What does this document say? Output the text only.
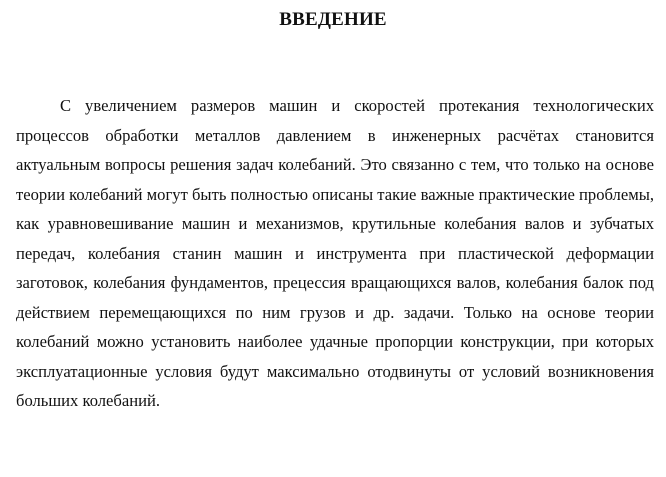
ВВЕДЕНИЕ

С увеличением размеров машин и скоростей протекания технологических процессов обработки металлов давлением в инженерных расчётах становится актуальным вопросы решения задач колебаний. Это связанно с тем, что только на основе теории колебаний могут быть полностью описаны такие важные практические проблемы, как уравновешивание машин и механизмов, крутильные колебания валов и зубчатых передач, колебания станин машин и инструмента при пластической деформации заготовок, колебания фундаментов, прецессия вращающихся валов, колебания балок под действием перемещающихся по ним грузов и др. задачи. Только на основе теории колебаний можно установить наиболее удачные пропорции конструкции, при которых эксплуатационные условия будут максимально отодвинуты от условий возникновения больших колебаний.
